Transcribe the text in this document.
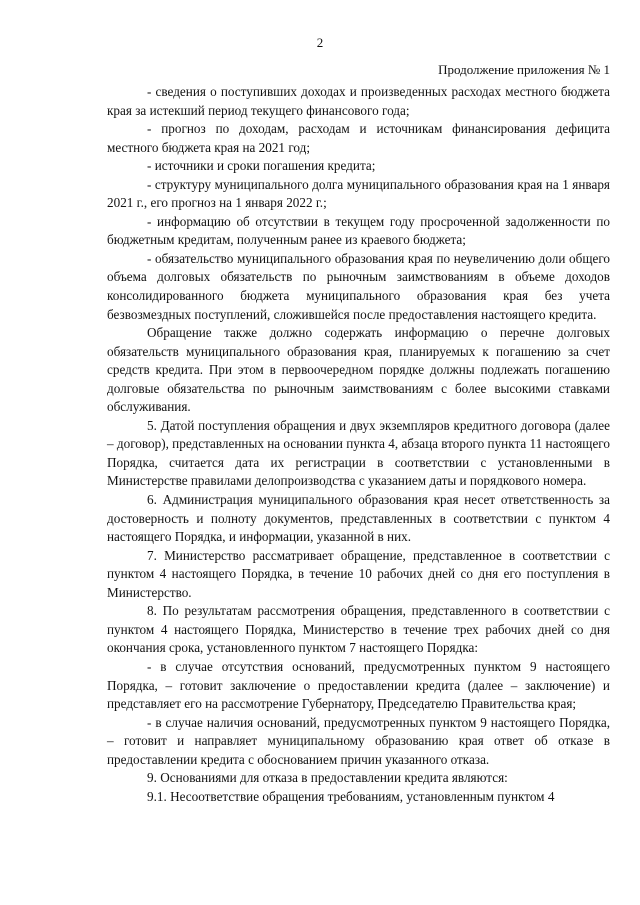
2
Продолжение приложения № 1

- сведения о поступивших доходах и произведенных расходах местного бюджета края за истекший период текущего финансового года;

- прогноз по доходам, расходам и источникам финансирования дефицита местного бюджета края на 2021 год;

- источники и сроки погашения кредита;

- структуру муниципального долга муниципального образования края на 1 января 2021 г., его прогноз на 1 января 2022 г.;

- информацию об отсутствии в текущем году просроченной задолженности по бюджетным кредитам, полученным ранее из краевого бюджета;

- обязательство муниципального образования края по неувеличению доли общего объема долговых обязательств по рыночным заимствованиям в объеме доходов консолидированного бюджета муниципального образования края без учета безвозмездных поступлений, сложившейся после предоставления настоящего кредита.

Обращение также должно содержать информацию о перечне долговых обязательств муниципального образования края, планируемых к погашению за счет средств кредита. При этом в первоочередном порядке должны подлежать погашению долговые обязательства по рыночным заимствованиям с более высокими ставками обслуживания.

5. Датой поступления обращения и двух экземпляров кредитного договора (далее – договор), представленных на основании пункта 4, абзаца второго пункта 11 настоящего Порядка, считается дата их регистрации в соответствии с установленными в Министерстве правилами делопроизводства с указанием даты и порядкового номера.

6. Администрация муниципального образования края несет ответственность за достоверность и полноту документов, представленных в соответствии с пунктом 4 настоящего Порядка, и информации, указанной в них.

7. Министерство рассматривает обращение, представленное в соответствии с пунктом 4 настоящего Порядка, в течение 10 рабочих дней со дня его поступления в Министерство.

8. По результатам рассмотрения обращения, представленного в соответствии с пунктом 4 настоящего Порядка, Министерство в течение трех рабочих дней со дня окончания срока, установленного пунктом 7 настоящего Порядка:

- в случае отсутствия оснований, предусмотренных пунктом 9 настоящего Порядка, – готовит заключение о предоставлении кредита (далее – заключение) и представляет его на рассмотрение Губернатору, Председателю Правительства края;

- в случае наличия оснований, предусмотренных пунктом 9 настоящего Порядка, – готовит и направляет муниципальному образованию края ответ об отказе в предоставлении кредита с обоснованием причин указанного отказа.

9. Основаниями для отказа в предоставлении кредита являются:

9.1. Несоответствие обращения требованиям, установленным пунктом 4
